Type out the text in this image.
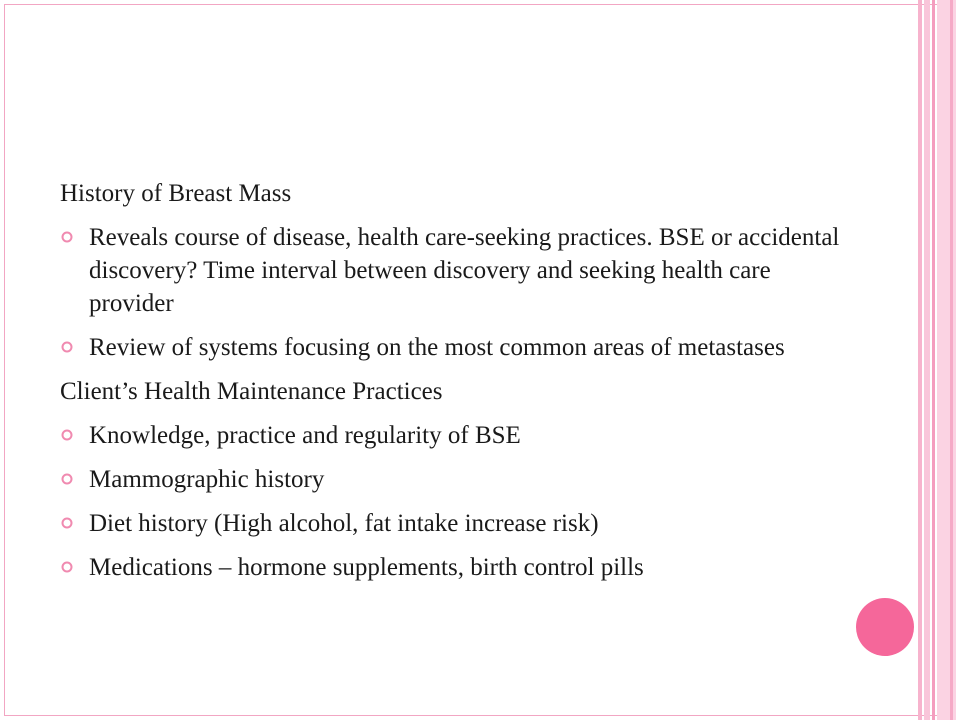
History of Breast Mass
Reveals course of disease, health care-seeking practices. BSE or accidental discovery? Time interval between discovery and seeking health care provider
Review of systems focusing on the most common areas of metastases
Client’s Health Maintenance Practices
Knowledge, practice and regularity of BSE
Mammographic history
Diet history (High alcohol, fat intake increase risk)
Medications – hormone supplements, birth control pills
